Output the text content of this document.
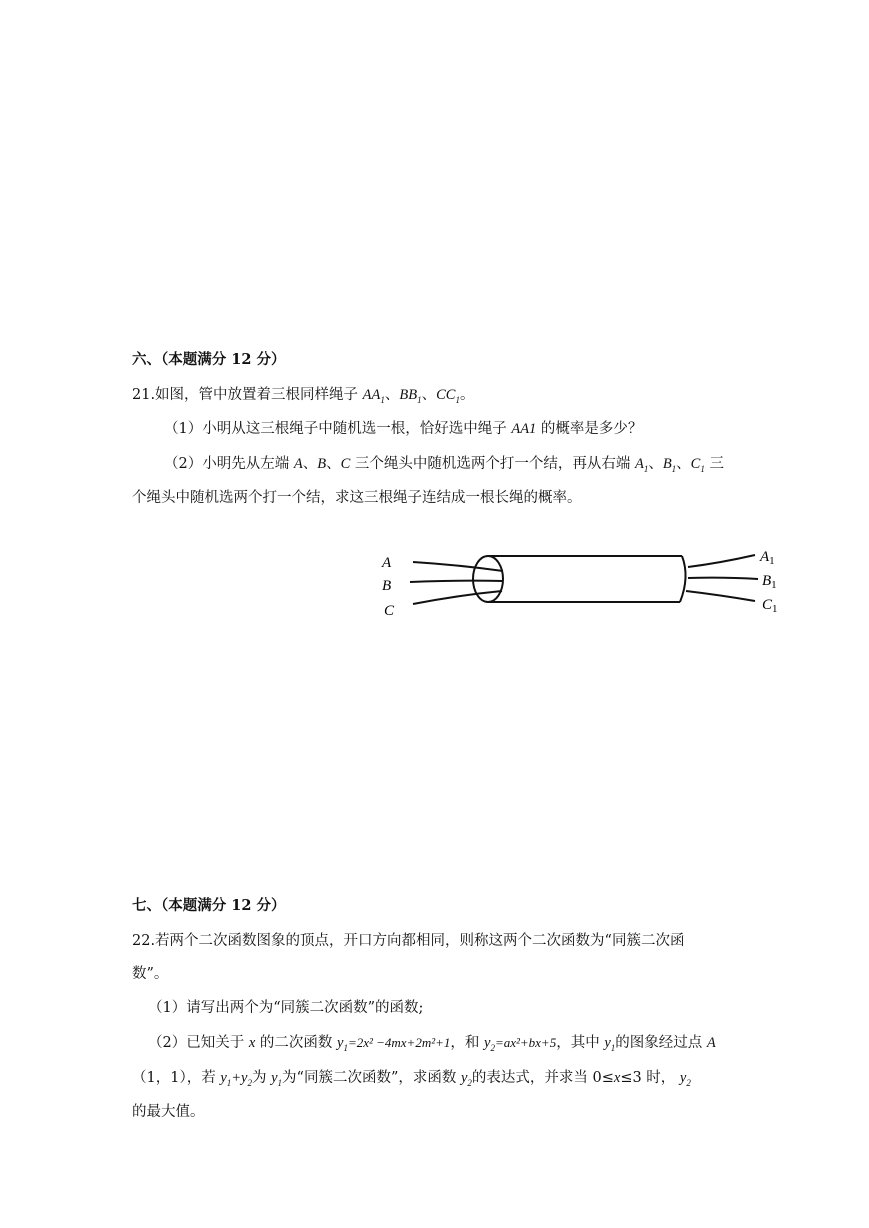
六、（本题满分 12 分）
21.如图，管中放置着三根同样绳子 $AA_1$、$BB_1$、$CC_1$。
（1）小明从这三根绳子中随机选一根，恰好选中绳子 AA1 的概率是多少？
（2）小明先从左端 A、B、C 三个绳头中随机选两个打一个结，再从右端 $A_1$、$B_1$、$C_1$ 三
个绳头中随机选两个打一个结，求这三根绳子连结成一根长绳的概率。
A
B
C
$A_1$
$B_1$
$C_1$
七、（本题满分 12 分）
22.若两个二次函数图象的顶点，开口方向都相同，则称这两个二次函数为“同簇二次函
数”。
（1）请写出两个为“同簇二次函数”的函数;
（2）已知关于 x 的二次函数 $y_1=2x^2 -4mx+2m^2+1$，和 $y_2=ax^2+bx+5$，其中 $y_1$的图象经过点 A
（1，1），若 $y_1+y_2$为 $y_1$为“同簇二次函数”，求函数 $y_2$的表达式，并求当 0≤x≤3 时， $y_2$
的最大值。
